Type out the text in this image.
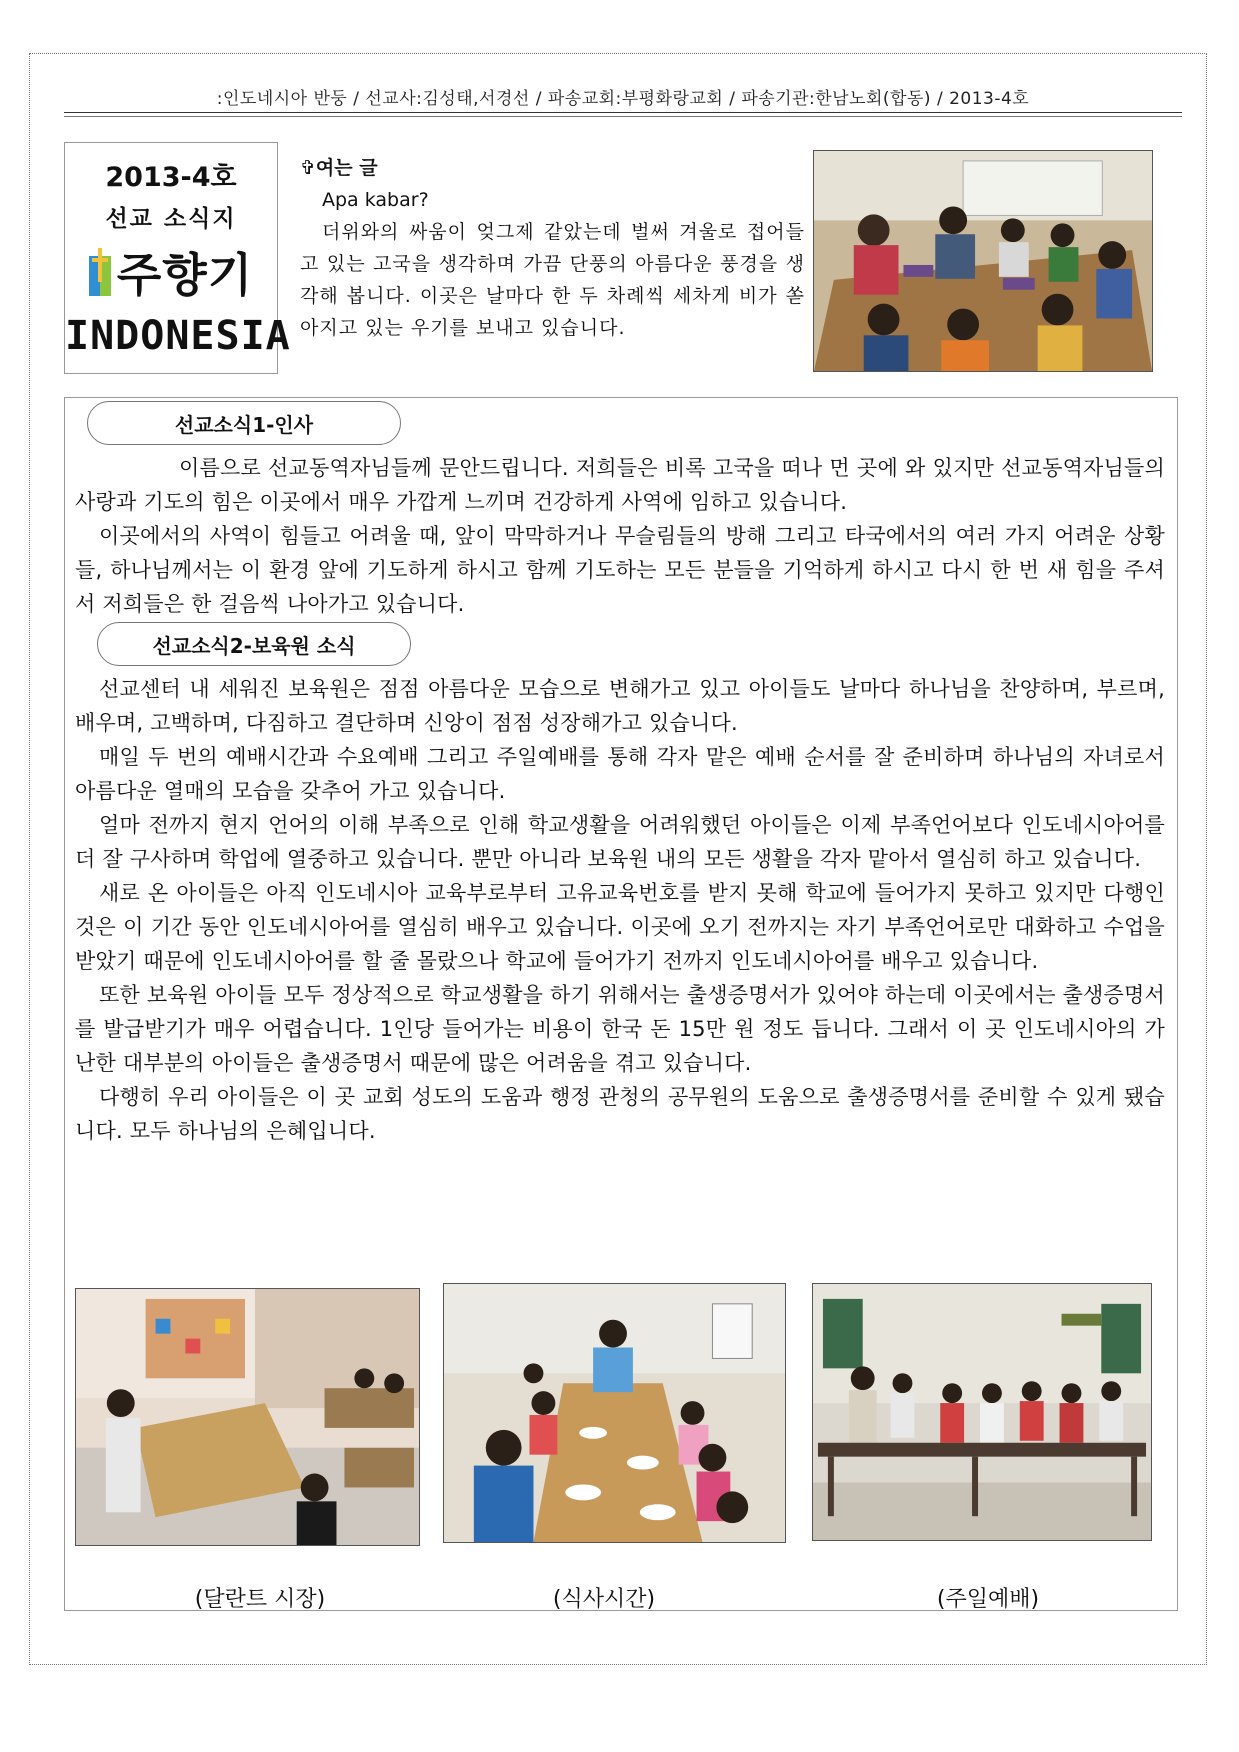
:인도네시아 반둥 / 선교사:김성태,서경선 / 파송교회:부평화랑교회 / 파송기관:한남노회(합동) / 2013-4호
2013-4호
선교 소식지
주향기
INDONESIA
✞여는 글
Apa kabar?
더위와의 싸움이 엊그제 같았는데 벌써 겨울로 접어들고 있는 고국을 생각하며 가끔 단풍의 아름다운 풍경을 생각해 봅니다. 이곳은 날마다 한 두 차례씩 세차게 비가 쏟아지고 있는 우기를 보내고 있습니다.
선교소식1-인사

이름으로 선교동역자님들께 문안드립니다. 저희들은 비록 고국을 떠나 먼 곳에 와 있지만 선교동역자님들의 사랑과 기도의 힘은 이곳에서 매우 가깝게 느끼며 건강하게 사역에 임하고 있습니다.

이곳에서의 사역이 힘들고 어려울 때, 앞이 막막하거나 무슬림들의 방해 그리고 타국에서의 여러 가지 어려운 상황들, 하나님께서는 이 환경 앞에 기도하게 하시고 함께 기도하는 모든 분들을 기억하게 하시고 다시 한 번 새 힘을 주셔서 저희들은 한 걸음씩 나아가고 있습니다.

선교소식2-보육원 소식

선교센터 내 세워진 보육원은 점점 아름다운 모습으로 변해가고 있고 아이들도 날마다 하나님을 찬양하며, 부르며, 배우며, 고백하며, 다짐하고 결단하며 신앙이 점점 성장해가고 있습니다.

매일 두 번의 예배시간과 수요예배 그리고 주일예배를 통해 각자 맡은 예배 순서를 잘 준비하며 하나님의 자녀로서 아름다운 열매의 모습을 갖추어 가고 있습니다.

얼마 전까지 현지 언어의 이해 부족으로 인해 학교생활을 어려워했던 아이들은 이제 부족언어보다 인도네시아어를 더 잘 구사하며 학업에 열중하고 있습니다. 뿐만 아니라 보육원 내의 모든 생활을 각자 맡아서 열심히 하고 있습니다.

새로 온 아이들은 아직 인도네시아 교육부로부터 고유교육번호를 받지 못해 학교에 들어가지 못하고 있지만 다행인 것은 이 기간 동안 인도네시아어를 열심히 배우고 있습니다. 이곳에 오기 전까지는 자기 부족언어로만 대화하고 수업을 받았기 때문에 인도네시아어를 할 줄 몰랐으나 학교에 들어가기 전까지 인도네시아어를 배우고 있습니다.

또한 보육원 아이들 모두 정상적으로 학교생활을 하기 위해서는 출생증명서가 있어야 하는데 이곳에서는 출생증명서를 발급받기가 매우 어렵습니다. 1인당 들어가는 비용이 한국 돈 15만 원 정도 듭니다. 그래서 이 곳 인도네시아의 가난한 대부분의 아이들은 출생증명서 때문에 많은 어려움을 겪고 있습니다.

다행히 우리 아이들은 이 곳 교회 성도의 도움과 행정 관청의 공무원의 도움으로 출생증명서를 준비할 수 있게 됐습니다. 모두 하나님의 은혜입니다.

(달란트 시장)	(식사시간)	(주일예배)
